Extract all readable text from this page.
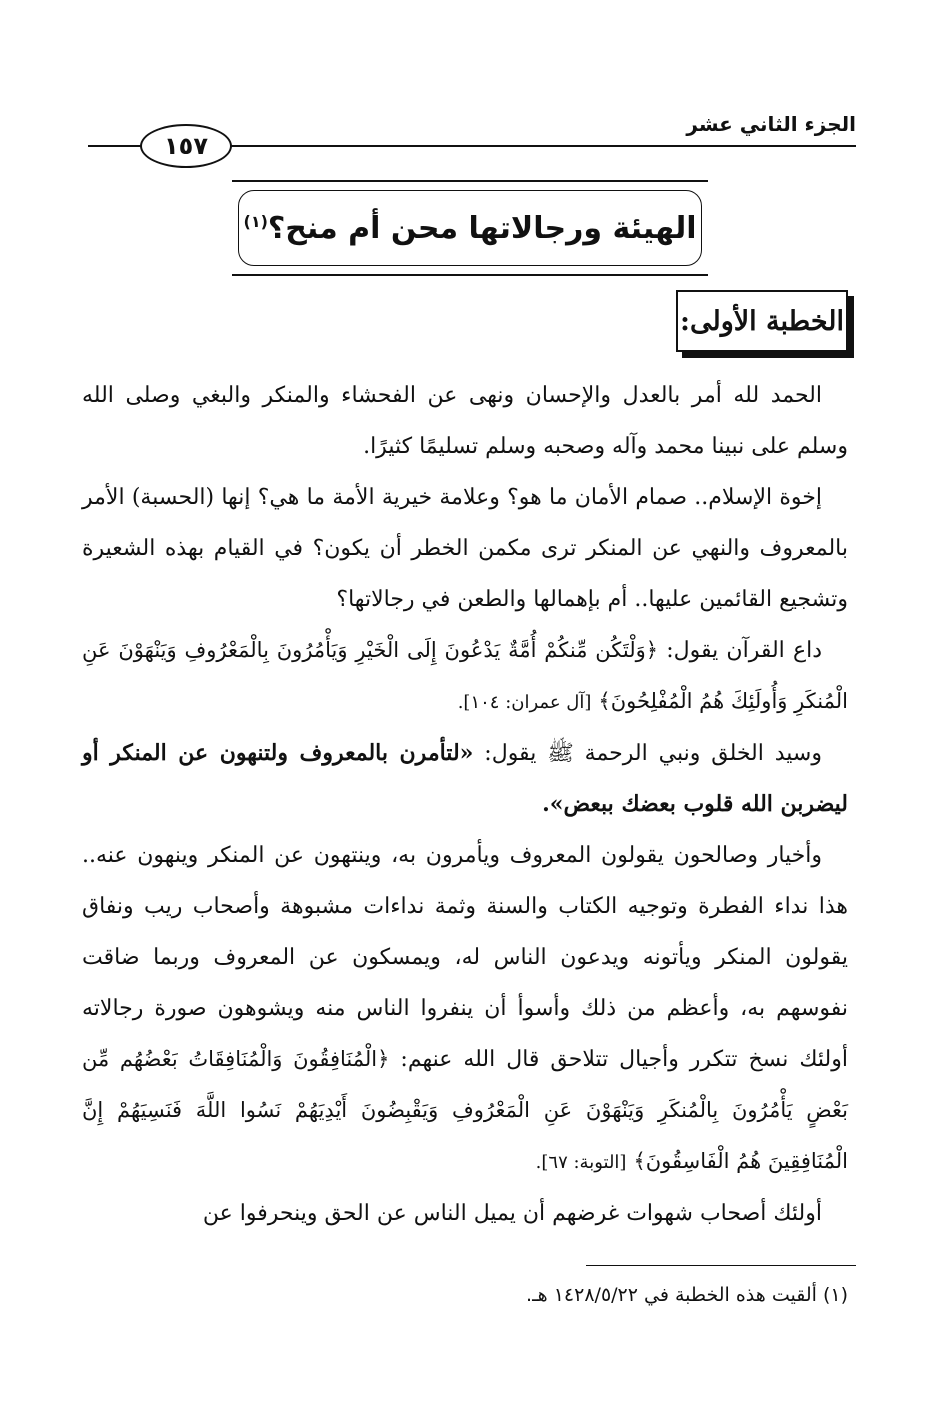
الجزء الثاني عشر
١٥٧
الهيئة ورجالاتها محن أم منح؟$^{(١)}$
الخطبة الأولى:

الحمد لله أمر بالعدل والإحسان ونهى عن الفحشاء والمنكر والبغي وصلى الله وسلم على نبينا محمد وآله وصحبه وسلم تسليمًا كثيرًا.

إخوة الإسلام.. صمام الأمان ما هو؟ وعلامة خيرية الأمة ما هي؟ إنها (الحسبة) الأمر بالمعروف والنهي عن المنكر ترى مكمن الخطر أن يكون؟ في القيام بهذه الشعيرة وتشجيع القائمين عليها.. أم بإهمالها والطعن في رجالاتها؟

داع القرآن يقول: ﴿وَلْتَكُن مِّنكُمْ أُمَّةٌ يَدْعُونَ إِلَى الْخَيْرِ وَيَأْمُرُونَ بِالْمَعْرُوفِ وَيَنْهَوْنَ عَنِ الْمُنكَرِ وَأُولَئِكَ هُمُ الْمُفْلِحُونَ﴾ [آل عمران: ١٠٤].

وسيد الخلق ونبي الرحمة ﷺ يقول: «لتأمرن بالمعروف ولتنهون عن المنكر أو ليضربن الله قلوب بعضك ببعض».

وأخيار وصالحون يقولون المعروف ويأمرون به، وينتهون عن المنكر وينهون عنه.. هذا نداء الفطرة وتوجيه الكتاب والسنة وثمة نداءات مشبوهة وأصحاب ريب ونفاق يقولون المنكر ويأتونه ويدعون الناس له، ويمسكون عن المعروف وربما ضاقت نفوسهم به، وأعظم من ذلك وأسوأ أن ينفروا الناس منه ويشوهون صورة رجالاته أولئك نسخ تتكرر وأجيال تتلاحق قال الله عنهم: ﴿الْمُنَافِقُونَ وَالْمُنَافِقَاتُ بَعْضُهُم مِّن بَعْضٍ يَأْمُرُونَ بِالْمُنكَرِ وَيَنْهَوْنَ عَنِ الْمَعْرُوفِ وَيَقْبِضُونَ أَيْدِيَهُمْ نَسُوا اللَّهَ فَنَسِيَهُمْ إِنَّ الْمُنَافِقِينَ هُمُ الْفَاسِقُونَ﴾ [التوبة: ٦٧].

أولئك أصحاب شهوات غرضهم أن يميل الناس عن الحق وينحرفوا عن

(١) ألقيت هذه الخطبة في ١٤٢٨/٥/٢٢ هـ.
